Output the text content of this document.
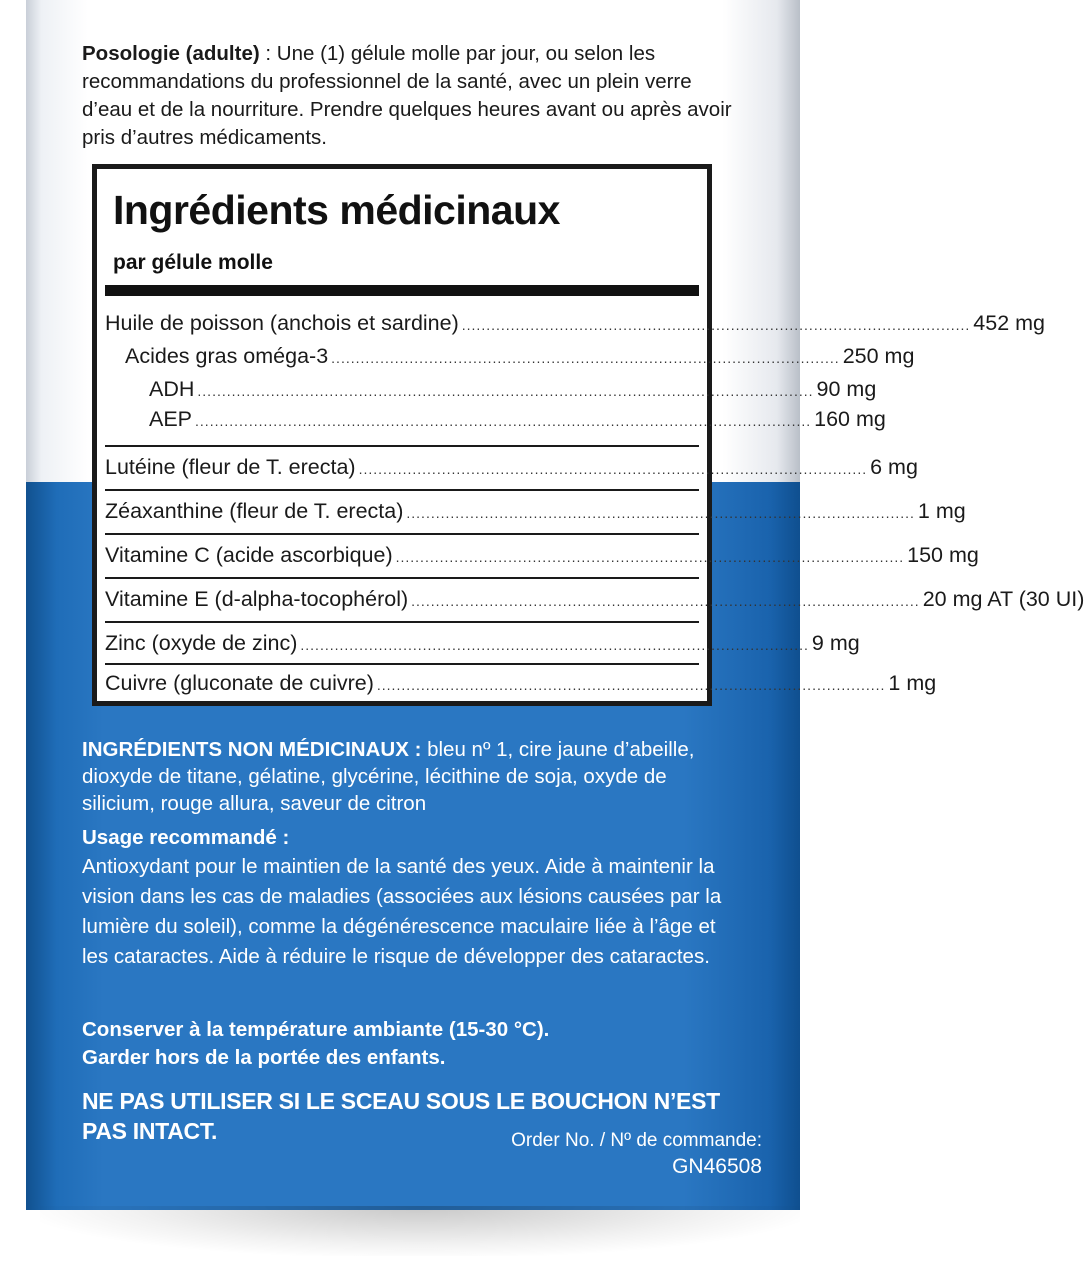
Posologie (adulte) : Une (1) gélule molle par jour, ou selon les recommandations du professionnel de la santé, avec un plein verre d’eau et de la nourriture. Prendre quelques heures avant ou après avoir pris d’autres médicaments.
Ingrédients médicinaux
par gélule molle
Huile de poisson (anchois et sardine) ........................................................................................................ 452 mg
Acides gras oméga-3 ........................................................................................................ 250 mg
ADH .............................................................................................................................. 90 mg
AEP .............................................................................................................................. 160 mg
Lutéine (fleur de T. erecta) ........................................................................................................ 6 mg
Zéaxanthine (fleur de T. erecta) ........................................................................................................ 1 mg
Vitamine C (acide ascorbique) ........................................................................................................ 150 mg
Vitamine E (d-alpha-tocophérol) ........................................................................................................ 20 mg AT (30 UI)
Zinc (oxyde de zinc) ........................................................................................................ 9 mg
Cuivre (gluconate de cuivre) ........................................................................................................ 1 mg
INGRÉDIENTS NON MÉDICINAUX : bleu nº 1, cire jaune d’abeille, dioxyde de titane, gélatine, glycérine, lécithine de soja, oxyde de silicium, rouge allura, saveur de citron
Usage recommandé :
Antioxydant pour le maintien de la santé des yeux. Aide à maintenir la vision dans les cas de maladies (associées aux lésions causées par la lumière du soleil), comme la dégénérescence maculaire liée à l’âge et les cataractes. Aide à réduire le risque de développer des cataractes.
Conserver à la température ambiante (15-30 °C).
Garder hors de la portée des enfants.
NE PAS UTILISER SI LE SCEAU SOUS LE BOUCHON N’EST PAS INTACT.	Order No. / Nº de commande:
GN46508
